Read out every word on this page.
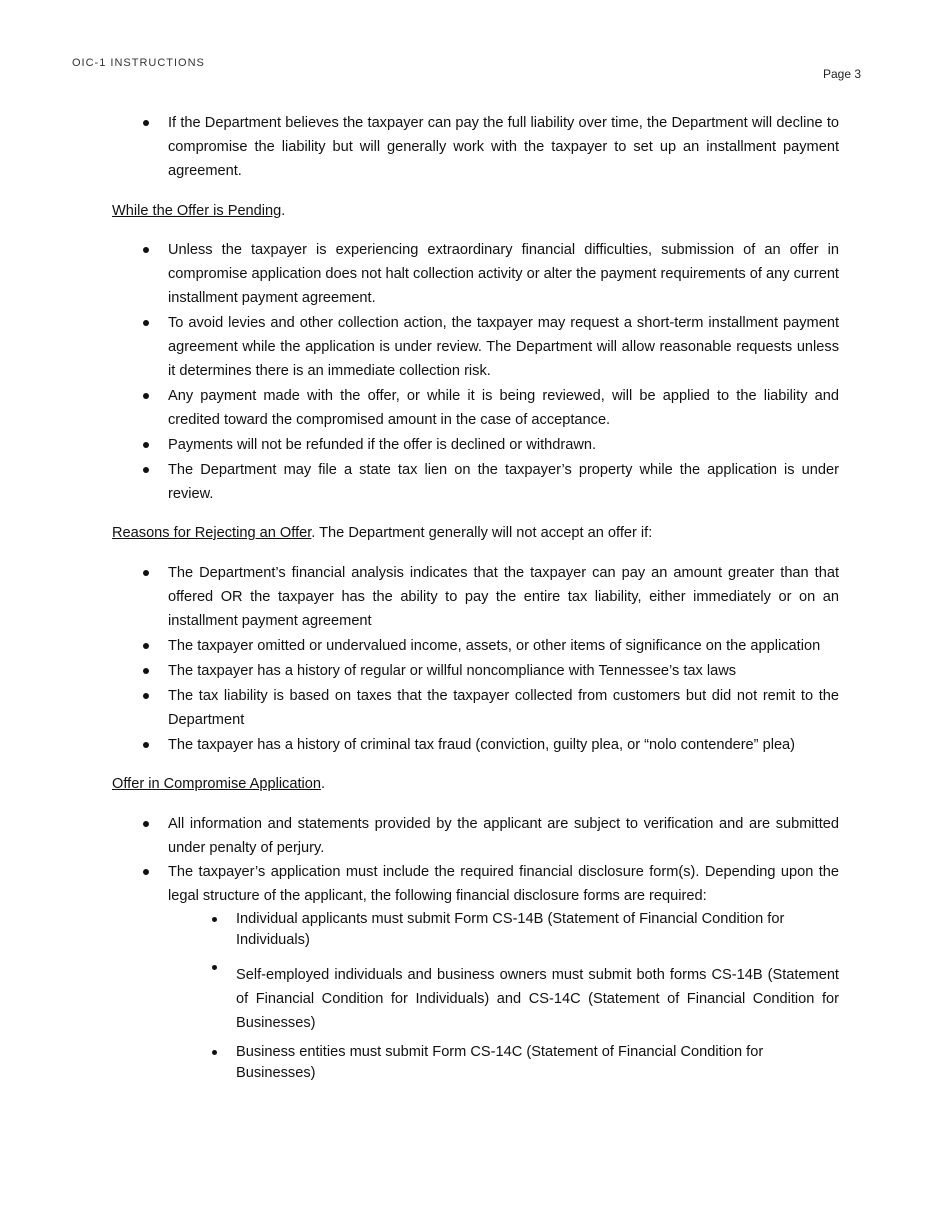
OIC-1 INSTRUCTIONS
Page 3
If the Department believes the taxpayer can pay the full liability over time, the Department will decline to compromise the liability but will generally work with the taxpayer to set up an installment payment agreement.

While the Offer is Pending.

Unless the taxpayer is experiencing extraordinary financial difficulties, submission of an offer in compromise application does not halt collection activity or alter the payment requirements of any current installment payment agreement.
To avoid levies and other collection action, the taxpayer may request a short-term installment payment agreement while the application is under review. The Department will allow reasonable requests unless it determines there is an immediate collection risk.
Any payment made with the offer, or while it is being reviewed, will be applied to the liability and credited toward the compromised amount in the case of acceptance.
Payments will not be refunded if the offer is declined or withdrawn.
The Department may file a state tax lien on the taxpayer’s property while the application is under review.

Reasons for Rejecting an Offer. The Department generally will not accept an offer if:

The Department’s financial analysis indicates that the taxpayer can pay an amount greater than that offered OR the taxpayer has the ability to pay the entire tax liability, either immediately or on an installment payment agreement
The taxpayer omitted or undervalued income, assets, or other items of significance on the application
The taxpayer has a history of regular or willful noncompliance with Tennessee’s tax laws
The tax liability is based on taxes that the taxpayer collected from customers but did not remit to the Department
The taxpayer has a history of criminal tax fraud (conviction, guilty plea, or “nolo contendere” plea)

Offer in Compromise Application.

All information and statements provided by the applicant are subject to verification and are submitted under penalty of perjury.
The taxpayer’s application must include the required financial disclosure form(s). Depending upon the legal structure of the applicant, the following financial disclosure forms are required:
Individual applicants must submit Form CS-14B (Statement of Financial Condition for Individuals)
Self-employed individuals and business owners must submit both forms CS-14B (Statement of Financial Condition for Individuals) and CS-14C (Statement of Financial Condition for Businesses)
Business entities must submit Form CS-14C (Statement of Financial Condition for Businesses)
